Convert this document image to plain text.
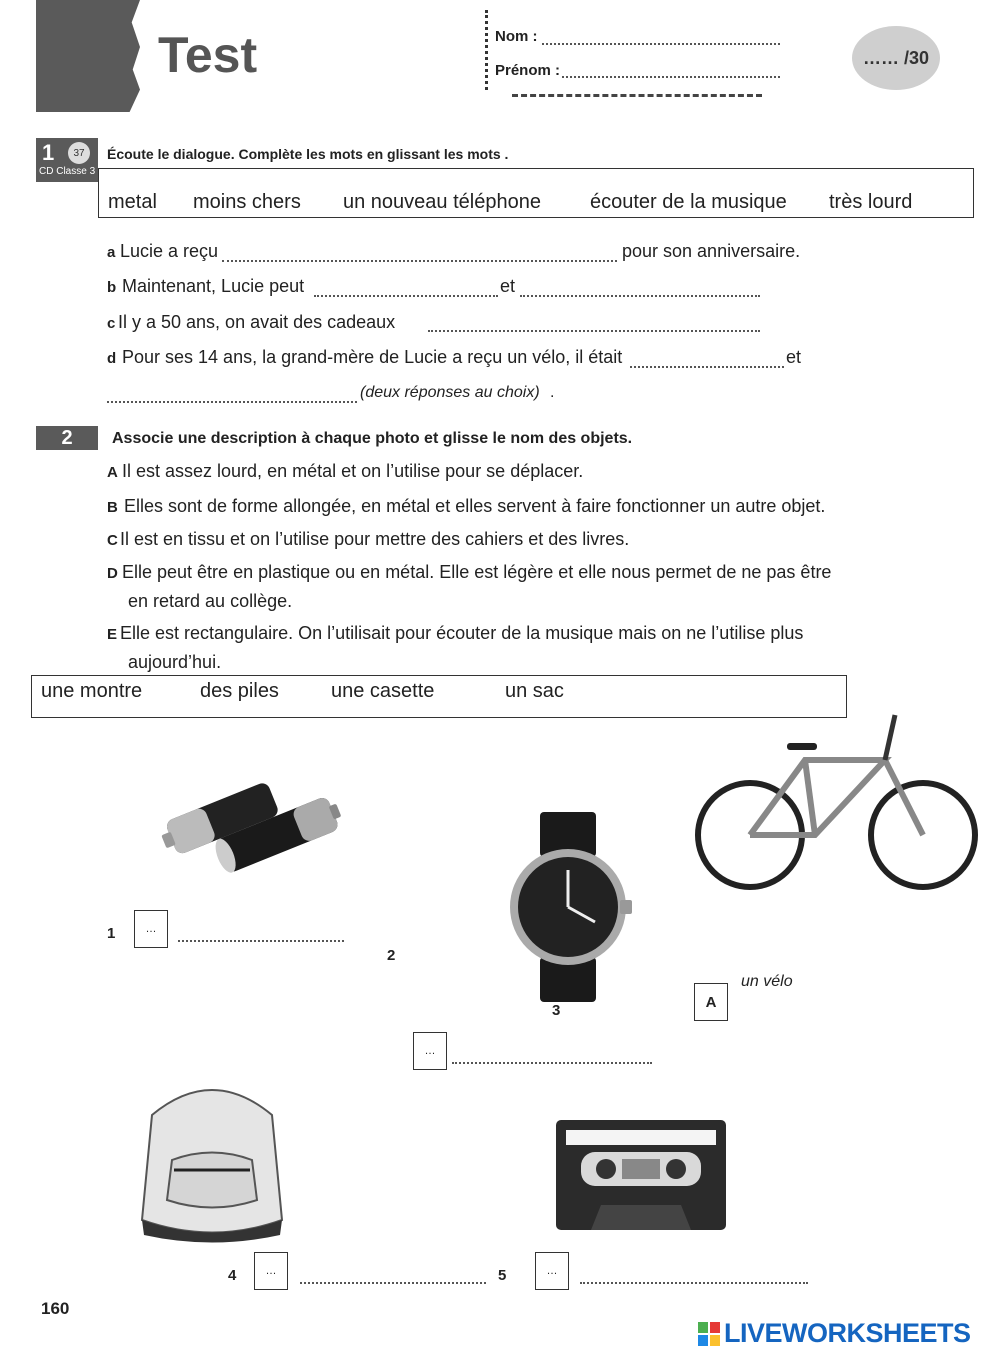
Test	Nom :
Prénom :
…… /30
1 37
CD Classe 3
Écoute le dialogue. Complète les mots en glissant les mots .
metal moins chers un nouveau téléphone écouter de la musique très lourd
a Lucie a reçu	pour son anniversaire.
b Maintenant, Lucie peut	et
c Il y a 50 ans, on avait des cadeaux
d Pour ses 14 ans, la grand-mère de Lucie a reçu un vélo, il était	et
(deux réponses au choix) .
2 Associe une description à chaque photo et glisse le nom des objets.
A Il est assez lourd, en métal et on l’utilise pour se déplacer.
B Elles sont de forme allongée, en métal et elles servent à faire fonctionner un autre objet.
C Il est en tissu et on l’utilise pour mettre des cahiers et des livres.
D Elle peut être en plastique ou en métal. Elle est légère et elle nous permet de ne pas être
en retard au collège.
E Elle est rectangulaire. On l’utilisait pour écouter de la musique mais on ne l’utilise plus
aujourd’hui.
une montre	des piles	une casette	un sac
1	…
2
3
un vélo
A
…
4	…	5	…
160
LIVEWORKSHEETS
